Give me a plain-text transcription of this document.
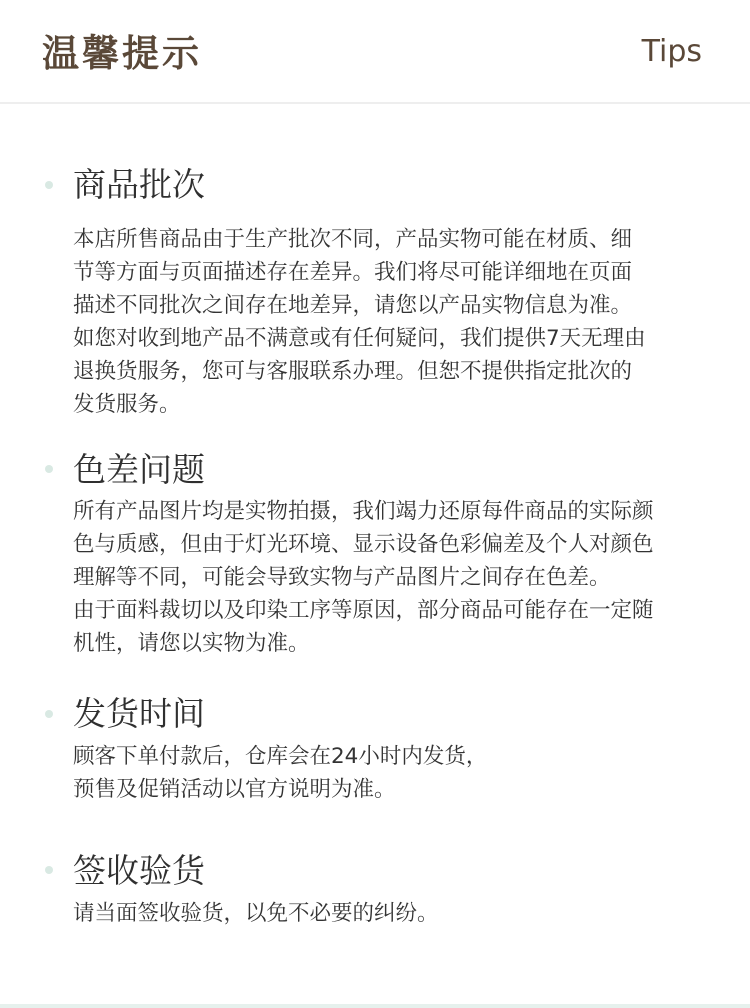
温馨提示	Tips
商品批次
本店所售商品由于生产批次不同，产品实物可能在材质、细
节等方面与页面描述存在差异。我们将尽可能详细地在页面
描述不同批次之间存在地差异，请您以产品实物信息为准。
如您对收到地产品不满意或有任何疑问，我们提供7天无理由
退换货服务，您可与客服联系办理。但恕不提供指定批次的
发货服务。
色差问题
所有产品图片均是实物拍摄，我们竭力还原每件商品的实际颜
色与质感，但由于灯光环境、显示设备色彩偏差及个人对颜色
理解等不同，可能会导致实物与产品图片之间存在色差。
由于面料裁切以及印染工序等原因，部分商品可能存在一定随
机性，请您以实物为准。
发货时间
顾客下单付款后，仓库会在24小时内发货，
预售及促销活动以官方说明为准。
签收验货
请当面签收验货，以免不必要的纠纷。
